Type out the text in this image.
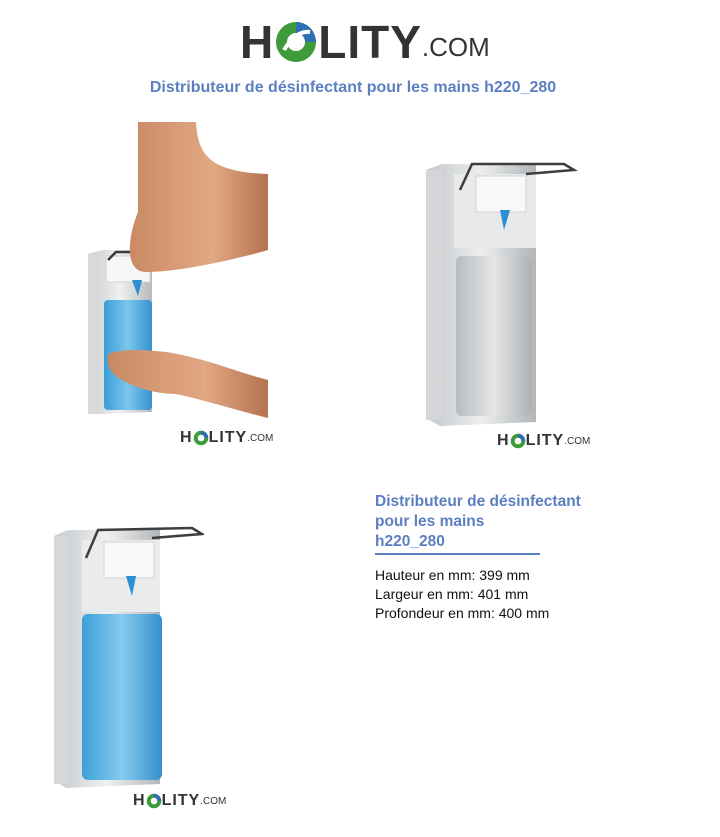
H LITY .COM
Distributeur de désinfectant pour les mains h220_280
H LITY .COM	H LITY .COM
H LITY .COM
Distributeur de désinfectant
pour les mains
h220_280
Hauteur en mm: 399 mm
Largeur en mm: 401 mm
Profondeur en mm: 400 mm
